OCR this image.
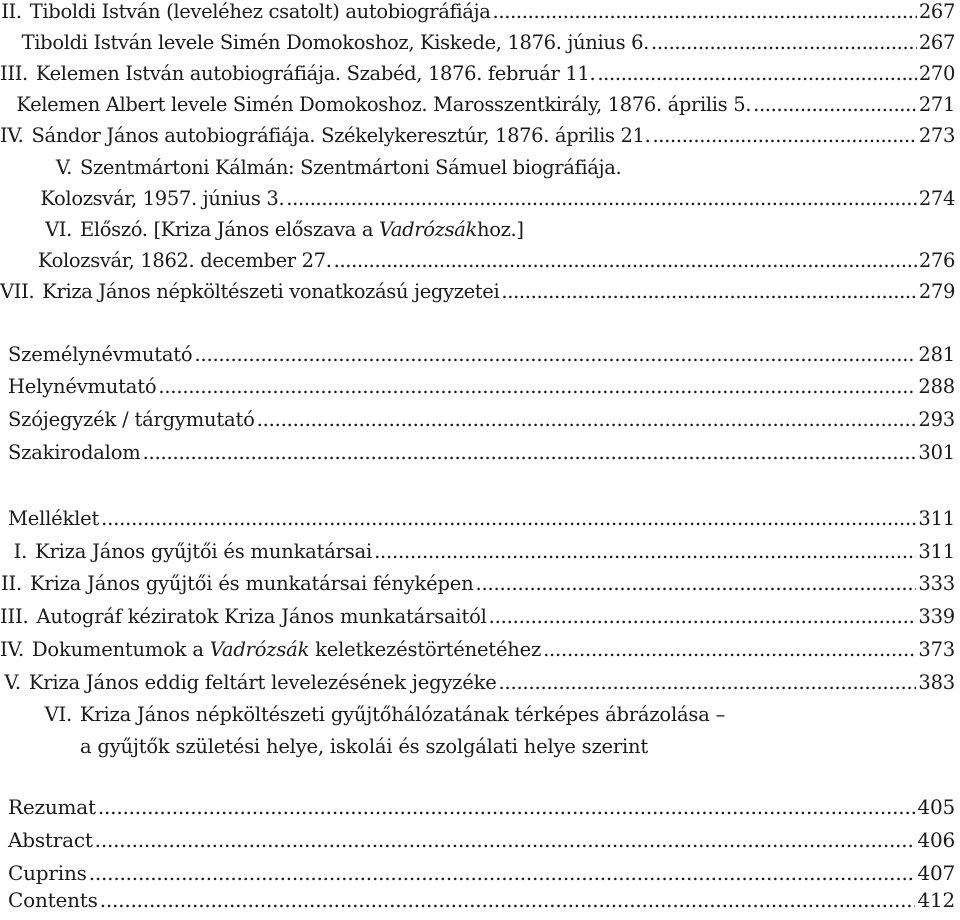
II. Tiboldi István (leveléhez csatolt) autobiográfiája .....	267
Tiboldi István levele Simén Domokoshoz, Kiskede, 1876. június 6. .....	267
III. Kelemen István autobiográfiája. Szabéd, 1876. február 11. .....	270
Kelemen Albert levele Simén Domokoshoz. Marosszentkirály, 1876. április 5. .....	271
IV. Sándor János autobiográfiája. Székelykeresztúr, 1876. április 21. .....	273
V. Szentmártoni Kálmán: Szentmártoni Sámuel biográfiája.
Kolozsvár, 1957. június 3. .....	274
VI. Előszó. [Kriza János előszava a Vadrózsákhoz.]
Kolozsvár, 1862. december 27. .....	276
VII. Kriza János népköltészeti vonatkozású jegyzetei .....	279
Személynévmutató .....	281
Helynévmutató .....	288
Szójegyzék / tárgymutató .....	293
Szakirodalom .....	301
Melléklet .....	311
I. Kriza János gyűjtői és munkatársai .....	311
II. Kriza János gyűjtői és munkatársai fényképen .....	333
III. Autográf kéziratok Kriza János munkatársaitól .....	339
IV. Dokumentumok a Vadrózsák keletkezéstörténetéhez .....	373
V. Kriza János eddig feltárt levelezésének jegyzéke .....	383
VI. Kriza János népköltészeti gyűjtőhálózatának térképes ábrázolása –
a gyűjtők születési helye, iskolái és szolgálati helye szerint
Rezumat .....	405
Abstract .....	406
Cuprins .....	407
Contents .....	412
